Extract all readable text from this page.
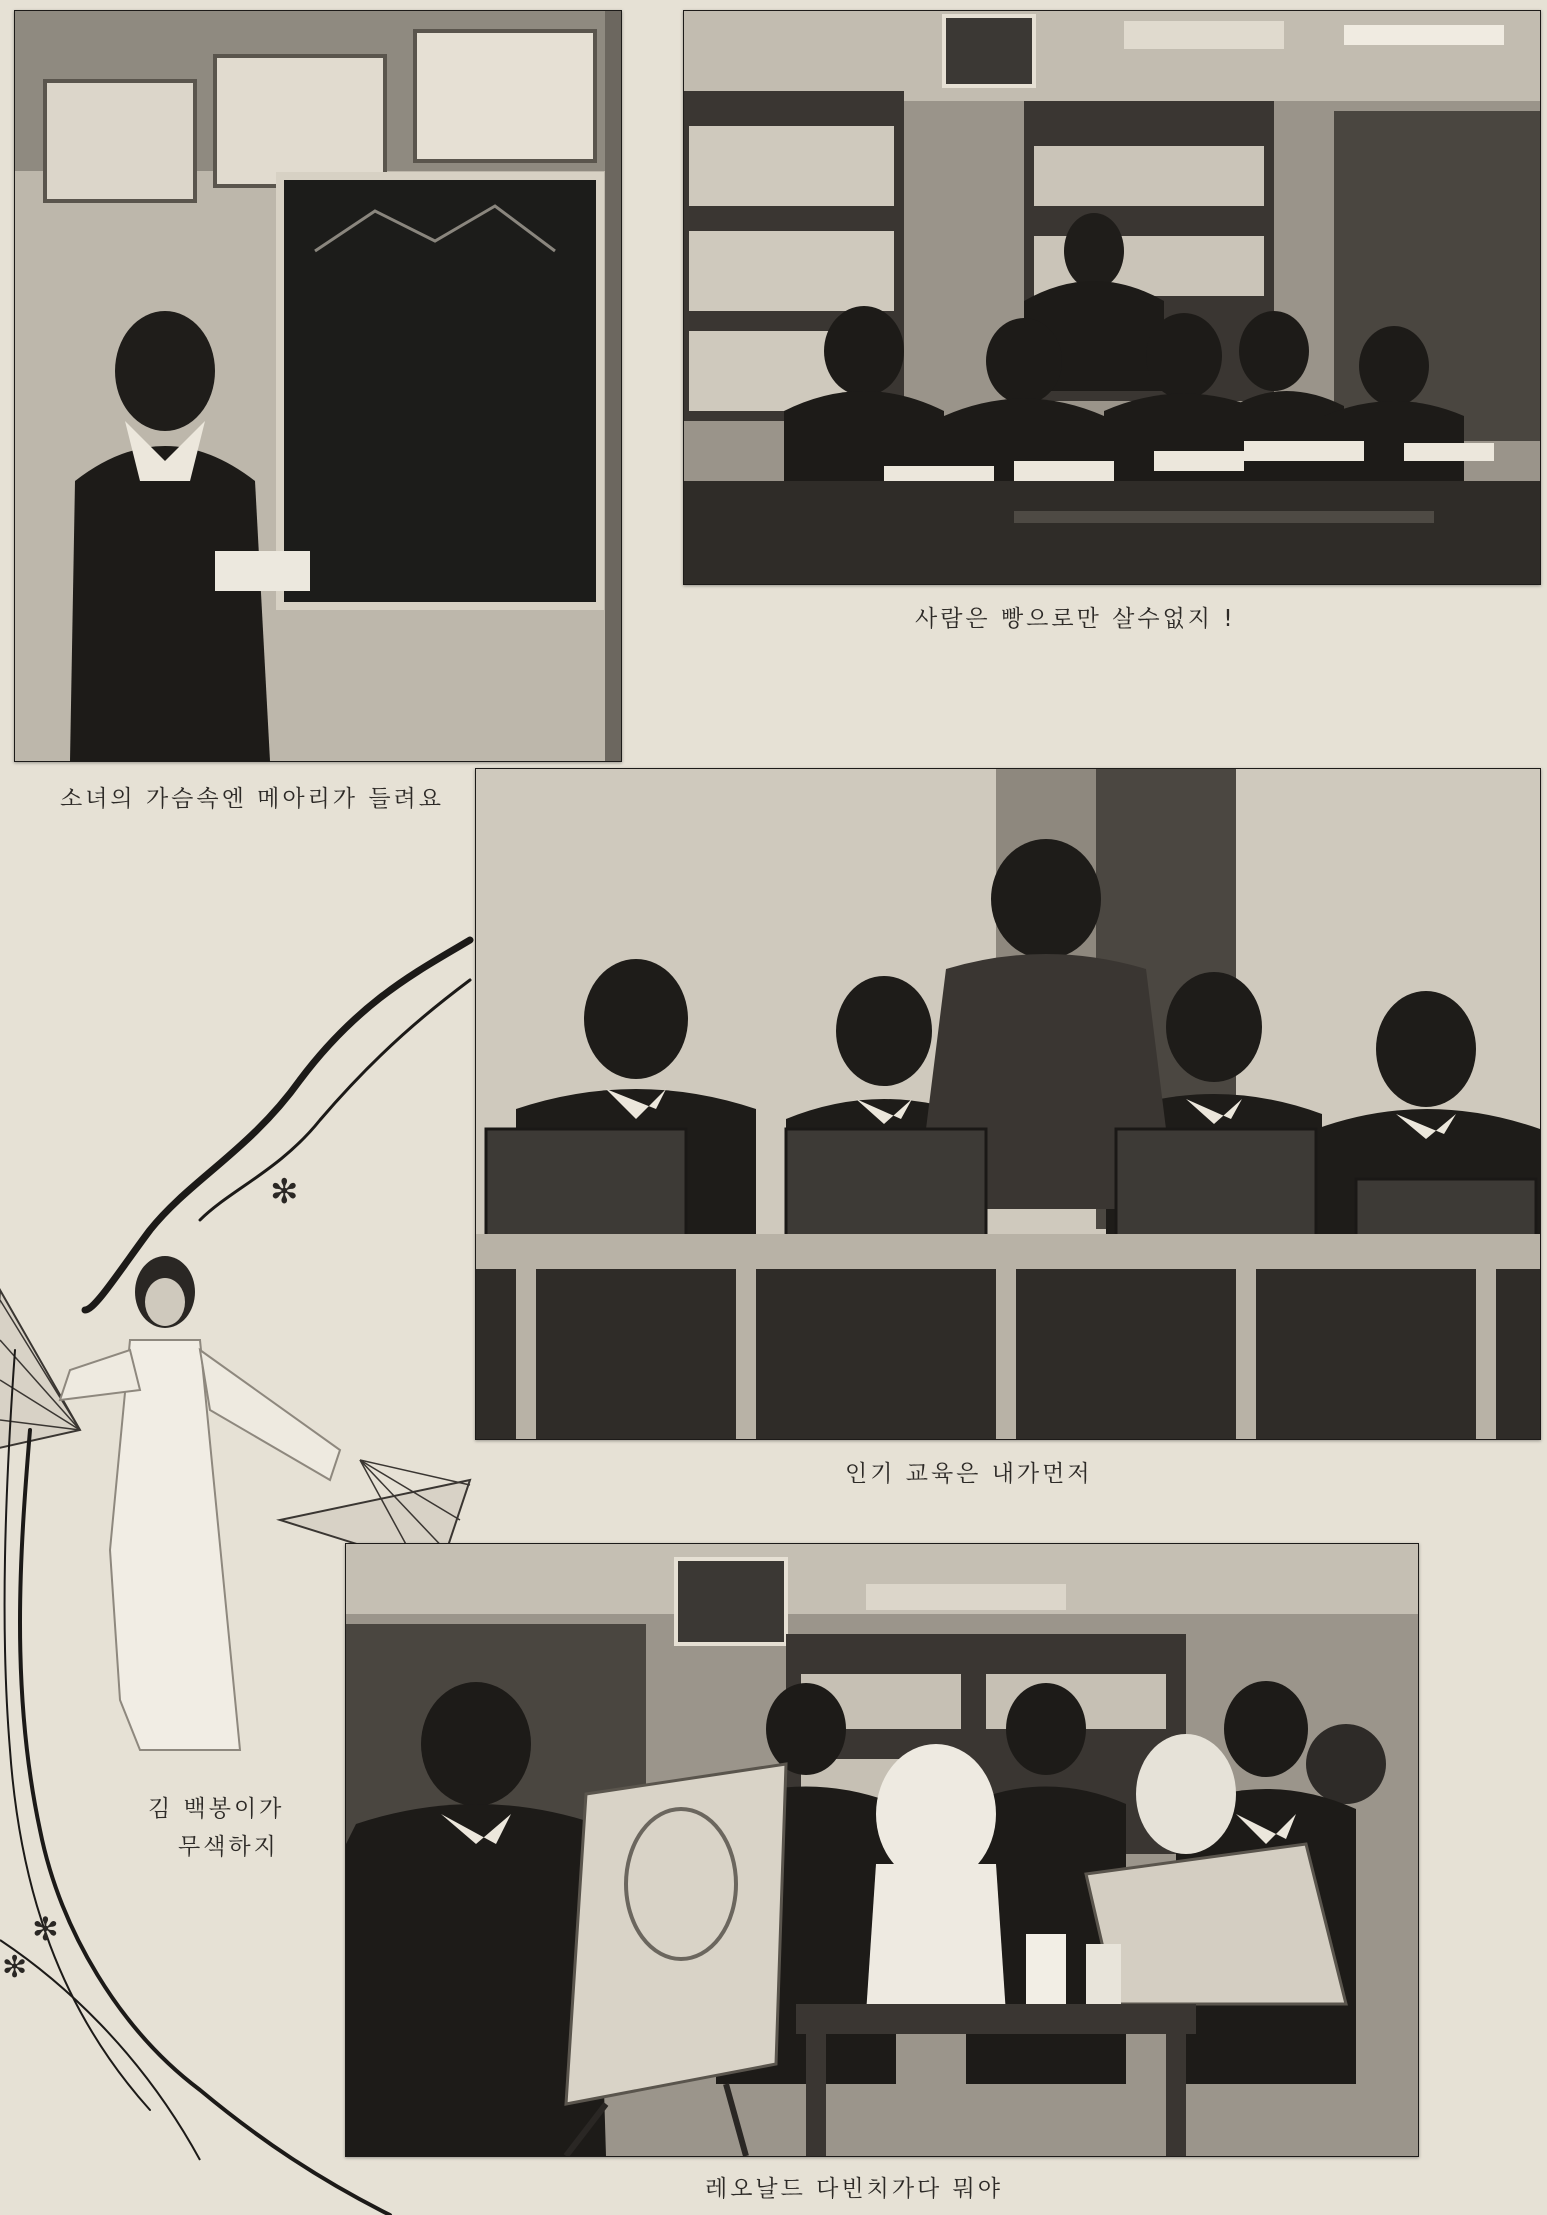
사람은 빵으로만 살수없지 !
소녀의 가슴속엔 메아리가 들려요
인기 교육은 내가먼저
김 백봉이가
무색하지
레오날드 다빈치가다 뭐야
✻
✻
✻
